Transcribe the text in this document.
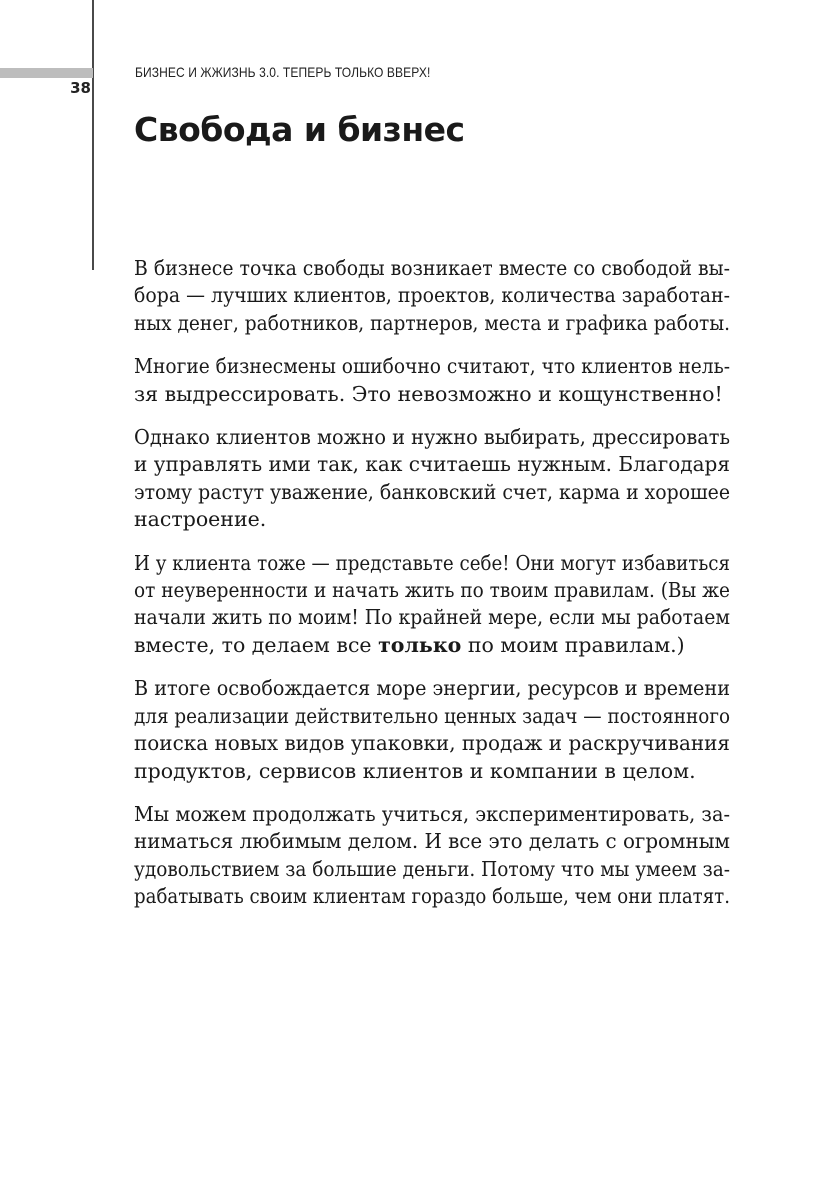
38
БИЗНЕС И ЖЖИЗНЬ 3.0. ТЕПЕРЬ ТОЛЬКО ВВЕРХ!
Свобода и бизнес

В бизнесе точка свободы возникает вместе со свободой вы-
бора — лучших клиентов, проектов, количества заработан-
ных денег, работников, партнеров, места и графика работы.

Многие бизнесмены ошибочно считают, что клиентов нель-
зя выдрессировать. Это невозможно и кощунственно!

Однако клиентов можно и нужно выбирать, дрессировать
и управлять ими так, как считаешь нужным. Благодаря
этому растут уважение, банковский счет, карма и хорошее
настроение.

И у клиента тоже — представьте себе! Они могут избавиться
от неуверенности и начать жить по твоим правилам. (Вы же
начали жить по моим! По крайней мере, если мы работаем
вместе, то делаем все только по моим правилам.)

В итоге освобождается море энергии, ресурсов и времени
для реализации действительно ценных задач — постоянного
поиска новых видов упаковки, продаж и раскручивания
продуктов, сервисов клиентов и компании в целом.

Мы можем продолжать учиться, экспериментировать, за-
ниматься любимым делом. И все это делать с огромным
удовольствием за большие деньги. Потому что мы умеем за-
рабатывать своим клиентам гораздо больше, чем они платят.
